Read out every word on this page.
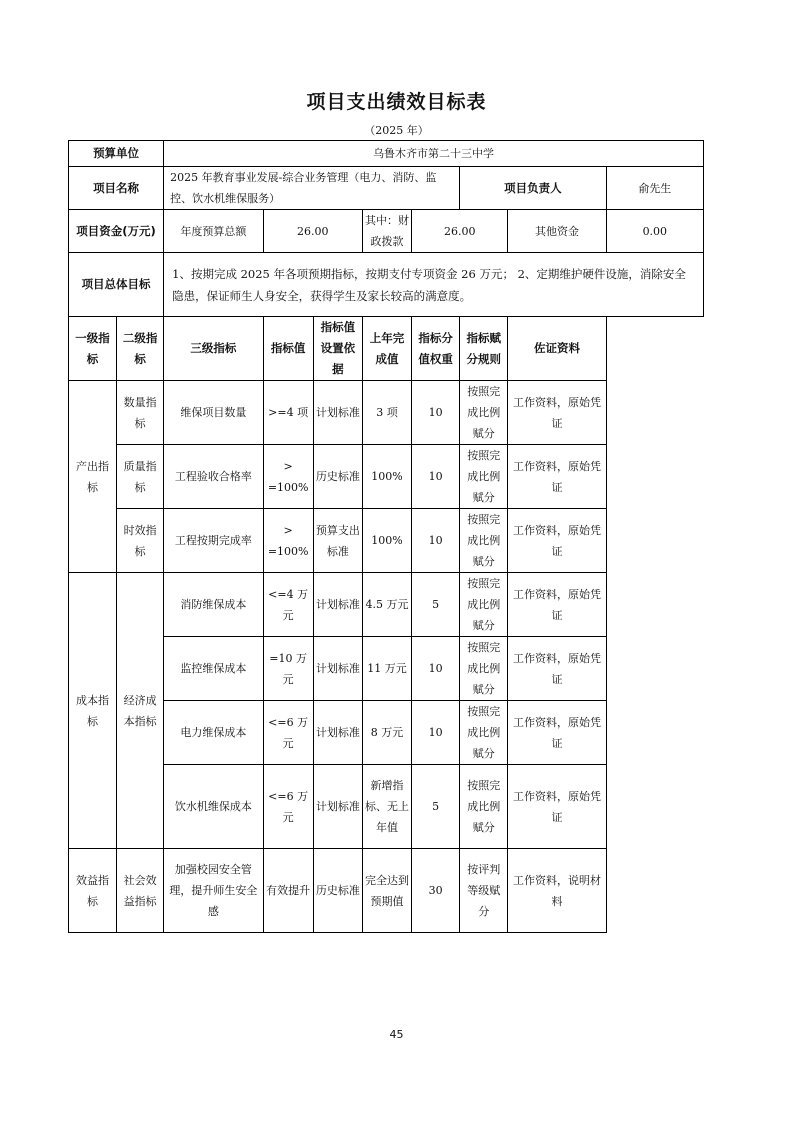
项目支出绩效目标表
（2025 年）
预算单位		乌鲁木齐市第二十三中学							
项目名称		2025 年教育事业发展-综合业务管理（电力、消防、监控、饮水机维保服务）					项目负责人		俞先生
项目资金(万元)		年度预算总额	26.00		其中：财政拨款	26.00		其他资金	0.00
项目总体目标		1、按期完成 2025 年各项预期指标，按期支付专项资金 26 万元； 2、定期维护硬件设施，消除安全隐患，保证师生人身安全，获得学生及家长较高的满意度。							
一级指标	二级指标	三级指标	指标值	指标值设置依据	上年完成值	指标分值权重	指标赋分规则	佐证资料	
产出指标	数量指标	维保项目数量	>=4 项	计划标准	3 项	10	按照完成比例赋分	工作资料，原始凭证	
	质量指标	工程验收合格率	> =100%	历史标准	100%	10	按照完成比例赋分	工作资料，原始凭证	
	时效指标	工程按期完成率	> =100%	预算支出标准	100%	10	按照完成比例赋分	工作资料，原始凭证	
成本指标	经济成本指标	消防维保成本	<=4 万元	计划标准	4.5 万元	5	按照完成比例赋分	工作资料，原始凭证	
		监控维保成本	=10 万元	计划标准	11 万元	10	按照完成比例赋分	工作资料，原始凭证	
		电力维保成本	<=6 万元	计划标准	8 万元	10	按照完成比例赋分	工作资料，原始凭证	
		饮水机维保成本	<=6 万元	计划标准	新增指标、无上年值	5	按照完成比例赋分	工作资料，原始凭证	
效益指标	社会效益指标	加强校园安全管理，提升师生安全感	有效提升	历史标准	完全达到预期值	30	按评判等级赋分	工作资料，说明材料	
45
